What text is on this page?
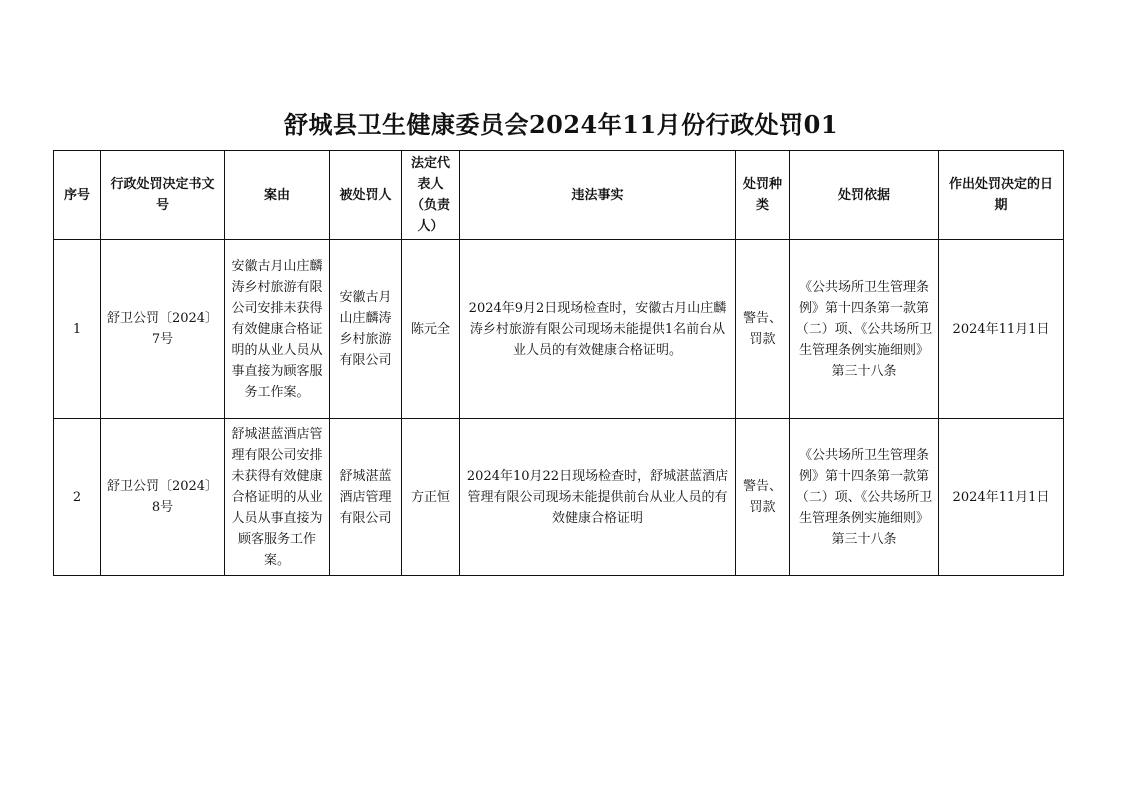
舒城县卫生健康委员会2024年11月份行政处罚01
序号	行政处罚决定书文号	案由	被处罚人	法定代表人（负责人）	违法事实	处罚种类	处罚依据	作出处罚决定的日期
1	舒卫公罚〔2024〕7号	安徽古月山庄麟涛乡村旅游有限公司安排未获得有效健康合格证明的从业人员从事直接为顾客服务工作案。	安徽古月山庄麟涛乡村旅游有限公司	陈元全	2024年9月2日现场检查时，安徽古月山庄麟涛乡村旅游有限公司现场未能提供1名前台从业人员的有效健康合格证明。	警告、罚款	《公共场所卫生管理条例》第十四条第一款第（二）项、《公共场所卫生管理条例实施细则》第三十八条	2024年11月1日
2	舒卫公罚〔2024〕8号	舒城湛蓝酒店管理有限公司安排未获得有效健康合格证明的从业人员从事直接为顾客服务工作案。	舒城湛蓝酒店管理有限公司	方正恒	2024年10月22日现场检查时，舒城湛蓝酒店管理有限公司现场未能提供前台从业人员的有效健康合格证明	警告、罚款	《公共场所卫生管理条例》第十四条第一款第（二）项、《公共场所卫生管理条例实施细则》第三十八条	2024年11月1日
